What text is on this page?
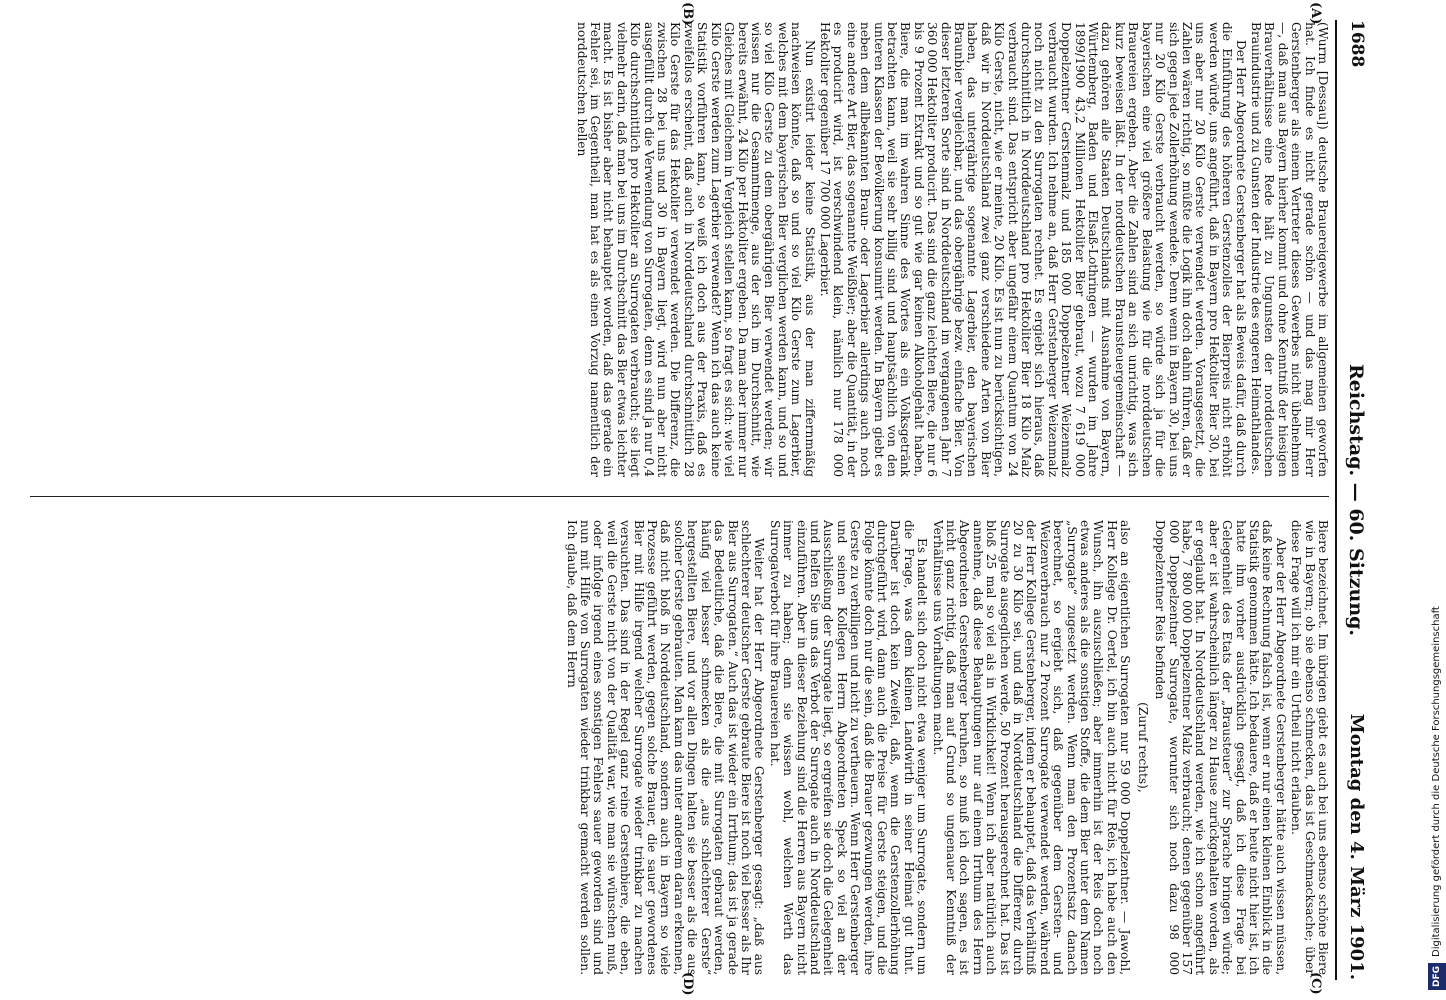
1688
Reichstag. — 60. Sitzung.
Montag den 4. März 1901.
(A)
(B)
(C)
(D)

(Wurm [Dessau]) deutsche Brauereigewerbe im allgemeinen geworfen hat. Ich finde es nicht gerade schön — und das mag mir Herr Gerstenberger als einem Vertreter dieses Gewerbes nicht übelnehmen —, daß man aus Bayern hierher kommt und ohne Kenntniß der hiesigen Brauverhältnisse eine Rede hält zu Ungunsten der norddeutschen Brauindustrie und zu Gunsten der Industrie des engeren Heimathlandes.

Der Herr Abgeordnete Gerstenberger hat als Beweis dafür, daß durch die Einführung des höheren Gerstenzolles der Bierpreis nicht erhöht werden würde, uns angeführt, daß in Bayern pro Hektoliter Bier 30, bei uns aber nur 20 Kilo Gerste verwendet werden. Vorausgesetzt, die Zahlen wären richtig, so müßte die Logik ihn doch dahin führen, daß er sich gegen jede Zollerhöhung wendete. Denn wenn in Bayern 30, bei uns nur 20 Kilo Gerste verbraucht werden, so würde sich ja für die bayerischen eine viel größere Belastung wie für die norddeutschen Brauereien ergeben. Aber die Zahlen sind an sich unrichtig, was sich kurz beweisen läßt. In der norddeutschen Braunsteuergemeinschaft — dazu gehören alle Staaten Deutschlands mit Ausnahme von Bayern, Württemberg, Baden und Elsaß-Lothringen — wurden im Jahre 1899/1900 43,2 Millionen Hektoliter Bier gebraut, wozu 7 619 000 Doppelzentner Gerstenmalz und 185 000 Doppelzentner Weizenmalz verbraucht wurden. Ich nehme an, daß Herr Gerstenberger Weizenmalz noch nicht zu den Surrogaten rechnet. Es ergiebt sich hieraus, daß durchschnittlich in Norddeutschland pro Hektoliter Bier 18 Kilo Malz verbraucht sind. Das entspricht aber ungefähr einem Quantum von 24 Kilo Gerste, nicht, wie er meinte, 20 Kilo. Es ist nun zu berücksichtigen, daß wir in Norddeutschland zwei ganz verschiedene Arten von Bier haben, das untergährige sogenannte Lagerbier, den bayerischen Braunbier vergleichbar, und das obergährige bezw. einfache Bier. Von dieser letzteren Sorte sind in Norddeutschland im vergangenen Jahr 7 360 000 Hektoliter producirt. Das sind die ganz leichten Biere, die nur 6 bis 9 Prozent Extrakt und so gut wie gar keinen Alkoholgehalt haben, Biere, die man im wahren Sinne des Wortes als ein Volksgetränk betrachten kann, weil sie sehr billig sind und hauptsächlich von den unteren Klassen der Bevölkerung konsumirt werden. In Bayern giebt es neben dem allbekannten Braun- oder Lagerbier allerdings auch noch eine andere Art Bier, das sogenannte Weißbier; aber die Quantität, in der es producirt wird, ist verschwindend klein, nämlich nur 178 000 Hektoliter gegenüber 17 700 000 Lagerbier.

Nun existirt leider keine Statistik, aus der man ziffernmäßig nachweisen könnte, daß so und so viel Kilo Gerste zum Lagerbier, welches mit dem bayerischen Bier verglichen werden kann, und so und so viel Kilo Gerste zu dem obergährigen Bier verwendet werden; wir wissen nur die Gesammtmenge, aus der sich im Durchschnitt, wie bereits erwähnt, 24 Kilo per Hektoliter ergeben. Da man aber immer nur Gleiches mit Gleichem in Vergleich stellen kann, so fragt es sich: wie viel Kilo Gerste werden zum Lagerbier verwendet? Wenn ich das auch keine Statistik vorführen kann, so weiß ich doch aus der Praxis, daß es zweifellos erscheint, daß auch in Norddeutschland durchschnittlich 28 Kilo Gerste für das Hektoliter verwendet werden. Die Differenz, die zwischen 28 bei uns und 30 in Bayern liegt, wird nun aber nicht ausgefüllt durch die Verwendung von Surrogaten, denn es sind ja nur 0,4 Kilo durchschnittlich pro Hektoliter an Surrogaten verbraucht; sie liegt vielmehr darin, daß man bei uns im Durchschnitt das Bier etwas leichter macht. Es ist bisher aber nicht behauptet worden, daß das gerade ein Fehler sei, im Gegentheil, man hat es als einen Vorzug namentlich der norddeutschen hellen

Biere bezeichnet. Im übrigen giebt es auch bei uns ebenso schöne Biere wie in Bayern; ob sie ebenso schmecken, das ist Geschmacksache; über diese Frage will ich mir ein Urtheil nicht erlauben.

Aber der Herr Abgeordnete Gerstenberger hätte auch wissen müssen, daß keine Rechnung falsch ist, wenn er nur einen kleinen Einblick in die Statistik genommen hätte. Ich bedauere, daß er heute nicht hier ist, ich hatte ihm vorher ausdrücklich gesagt, daß ich diese Frage bei Gelegenheit des Etats der „Brausteuer“ zur Sprache bringen würde; aber er ist wahrscheinlich länger zu Hause zurückgehalten worden, als er geglaubt hat. In Norddeutschland werden, wie ich schon angeführt habe, 7 800 000 Doppelzentner Malz verbraucht; denen gegenüber 157 000 Doppelzentner Surrogate, worunter sich noch dazu 98 000 Doppelzentner Reis befinden

(Zuruf rechts),

also an eigentlichen Surrogaten nur 59 000 Doppelzentner. — Jawohl, Herr Kollege Dr. Oertel, ich bin auch nicht für Reis, ich habe auch den Wunsch, ihn auszuschließen; aber immerhin ist der Reis doch noch etwas anderes als die sonstigen Stoffe, die dem Bier unter dem Namen „Surrogate“ zugesetzt werden. Wenn man den Prozentsatz danach berechnet, so ergiebt sich, daß gegenüber dem Gersten- und Weizenverbrauch nur 2 Prozent Surrogate verwendet werden, während der Herr Kollege Gerstenberger, indem er behauptet, daß das Verhältniß 20 zu 30 Kilo sei, und daß in Norddeutschland die Differenz durch Surrogate ausgeglichen werde, 50 Prozent herausgerechnet hat. Das ist bloß 25 mal so viel als in Wirklichkeit! Wenn ich aber natürlich auch annehme, daß diese Behauptungen nur auf einem Irrthum des Herrn Abgeordneten Gerstenberger beruhen, so muß ich doch sagen, es ist nicht ganz richtig, daß man auf Grund so ungenauer Kenntniß der Verhältnisse uns Vorhaltungen macht.

Es handelt sich doch nicht etwa weniger um Surrogate, sondern um die Frage, was dem kleinen Landwirth in seiner Heimat gut thut. Darüber ist doch kein Zweifel, daß, wenn die Gerstenzollerhöhung durchgeführt wird, dann auch die Preise für Gerste steigen, und die Folge könnte doch nur die sein, daß die Brauer gezwungen werden, ihre Gerste zu verbilligen und nicht zu vertheuern. Wenn Herr Gerstenberger und seinen Kollegen Herrn Abgeordneten Speck so viel an der Ausschließung der Surrogate liegt, so ergreifen sie doch die Gelegenheit und helfen Sie uns das Verbot der Surrogate auch in Norddeutschland einzuführen. Aber in dieser Beziehung sind die Herren aus Bayern nicht immer zu haben; denn sie wissen wohl, welchen Werth das Surrogatverbot für ihre Brauereien hat.

Weiter hat der Herr Abgeordnete Gerstenberger gesagt: „daß aus schlechterer deutscher Gerste gebraute Biere ist noch viel besser als Ihr Bier aus Surrogaten.“ Auch das ist wieder ein Irrthum; das ist ja gerade das Bedeutliche, daß die Biere, die mit Surrogaten gebraut werden, häufig viel besser schmecken als die „aus schlechterer Gerste“ hergestellten Biere, und vor allen Dingen halten sie besser als die aus solcher Gerste gebrauten. Man kann das unter anderem daran erkennen, daß nicht bloß in Norddeutschland, sondern auch in Bayern so viele Prozesse geführt werden, gegen solche Brauer, die sauer gewordenes Bier mit Hilfe irgend welcher Surrogate wieder trinkbar zu machen versuchten. Das sind in der Regel ganz reine Gerstenbiere, die eben, weil die Gerste nicht von der Qualität war, wie man sie wünschen muß, oder infolge irgend eines sonstigen Fehlers sauer geworden sind und nun mit Hilfe von Surrogaten wieder trinkbar gemacht werden sollen. Ich glaube, daß dem Herrn

DFGDigitalisierung gefördert durch die Deutsche Forschungsgemeinschaft
